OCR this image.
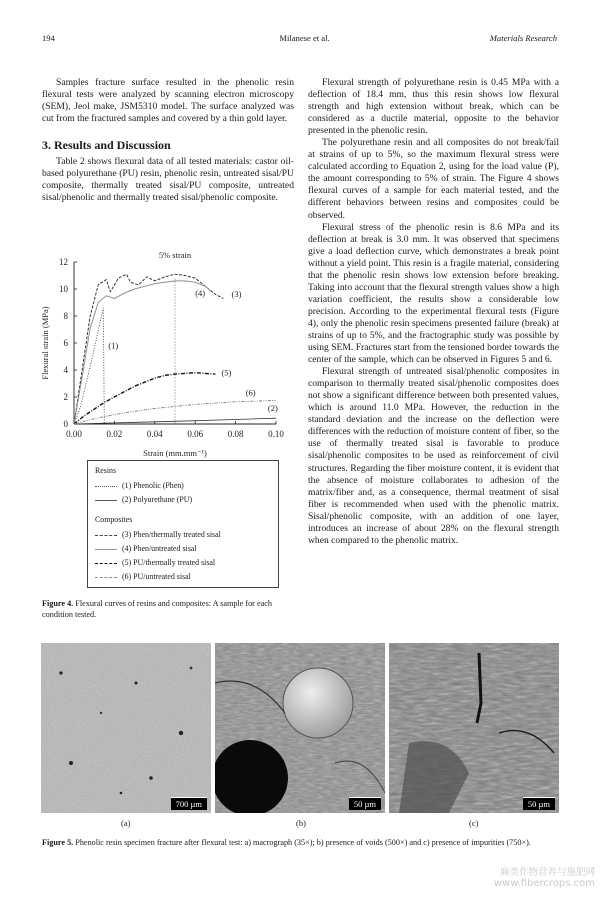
194	Milanese et al.	Materials Research

Samples fracture surface resulted in the phenolic resin flexural tests were analyzed by scanning electron microscopy (SEM), Jeol make, JSM5310 model. The surface analyzed was cut from the fractured samples and covered by a thin gold layer.

3. Results and Discussion

Table 2 shows flexural data of all tested materials: castor oil-based polyurethane (PU) resin, phenolic resin, untreated sisal/PU composite, thermally treated sisal/PU composite, untreated sisal/phenolic and thermally treated sisal/phenolic composite.

0
2
4
6
8
10
12
0.00	0.02	0.04	0.06	0.08	0.10
Strain (mm.mm⁻¹)
Flexural strain (MPa)
5% strain
(1)
(2)
(3)
(4)
(5)
(6)
Resins
(1) Phenolic (Phen)
(2) Polyurethane (PU)
Composites
(3) Phen/thermally treated sisal
(4) Phen/untreated sisal
(5) PU/thermally treated sisal
(6) PU/untreated sisal
Figure 4. Flexural curves of resins and composites: A sample for each condition tested.

Flexural strength of polyurethane resin is 0.45 MPa with a deflection of 18.4 mm, thus this resin shows low flexural strength and high extension without break, which can be considered as a ductile material, opposite to the behavior presented in the phenolic resin.

The polyurethane resin and all composites do not break/fail at strains of up to 5%, so the maximum flexural stress were calculated according to Equation 2, using for the load value (P), the amount corresponding to 5% of strain. The Figure 4 shows flexural curves of a sample for each material tested, and the different behaviors between resins and composites could be observed.

Flexural stress of the phenolic resin is 8.6 MPa and its deflection at break is 3.0 mm. It was observed that specimens give a load deflection curve, which demonstrates a break point without a yield point. This resin is a fragile material, considering that the phenolic resin shows low extension before breaking. Taking into account that the flexural strength values show a high variation coefficient, the results show a considerable low precision. According to the experimental flexural tests (Figure 4), only the phenolic resin specimens presented failure (break) at strains of up to 5%, and the fractographic study was possible by using SEM. Fractures start from the tensioned border towards the center of the sample, which can be observed in Figures 5 and 6.

Flexural strength of untreated sisal/phenolic composites in comparison to thermally treated sisal/phenolic composites does not show a significant difference between both presented values, which is around 11.0 MPa. However, the reduction in the standard deviation and the increase on the deflection were differences with the reduction of moisture content of fiber, so the use of thermally treated sisal is favorable to produce sisal/phenolic composites to be used as reinforcement of civil structures. Regarding the fiber moisture content, it is evident that the absence of moisture collaborates to adhesion of the matrix/fiber and, as a consequence, thermal treatment of sisal fiber is recommended when used with the phenolic matrix. Sisal/phenolic composite, with an addition of one layer, introduces an increase of about 28% on the flexural strength when compared to the phenolic matrix.

700 µm	50 µm	50 µm
(a)	(b)	(c)
Figure 5. Phenolic resin specimen fracture after flexural test: a) macrograph (35×); b) presence of voids (500×) and c) presence of impurities (750×).
麻类作物营养与施肥网
www.fibercrops.com
